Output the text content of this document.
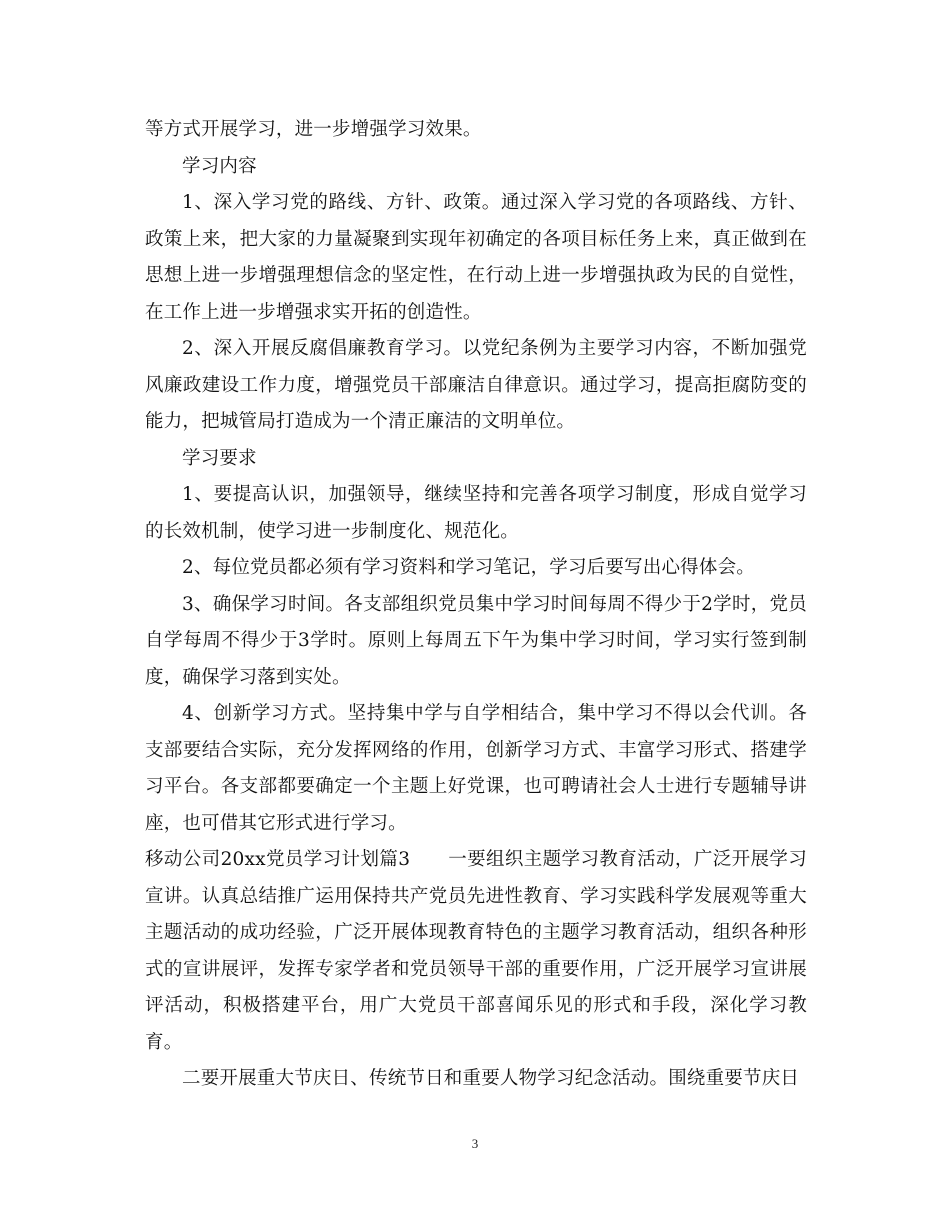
等方式开展学习，进一步增强学习效果。

学习内容

1、深入学习党的路线、方针、政策。通过深入学习党的各项路线、方针、政策上来，把大家的力量凝聚到实现年初确定的各项目标任务上来，真正做到在思想上进一步增强理想信念的坚定性，在行动上进一步增强执政为民的自觉性，在工作上进一步增强求实开拓的创造性。

2、深入开展反腐倡廉教育学习。以党纪条例为主要学习内容，不断加强党风廉政建设工作力度，增强党员干部廉洁自律意识。通过学习，提高拒腐防变的能力，把城管局打造成为一个清正廉洁的文明单位。

学习要求

1、要提高认识，加强领导，继续坚持和完善各项学习制度，形成自觉学习的长效机制，使学习进一步制度化、规范化。

2、每位党员都必须有学习资料和学习笔记，学习后要写出心得体会。

3、确保学习时间。各支部组织党员集中学习时间每周不得少于2学时，党员自学每周不得少于3学时。原则上每周五下午为集中学习时间，学习实行签到制度，确保学习落到实处。

4、创新学习方式。坚持集中学与自学相结合，集中学习不得以会代训。各支部要结合实际，充分发挥网络的作用，创新学习方式、丰富学习形式、搭建学习平台。各支部都要确定一个主题上好党课，也可聘请社会人士进行专题辅导讲座，也可借其它形式进行学习。

移动公司20xx党员学习计划篇3　　一要组织主题学习教育活动，广泛开展学习宣讲。认真总结推广运用保持共产党员先进性教育、学习实践科学发展观等重大主题活动的成功经验，广泛开展体现教育特色的主题学习教育活动，组织各种形式的宣讲展评，发挥专家学者和党员领导干部的重要作用，广泛开展学习宣讲展评活动，积极搭建平台，用广大党员干部喜闻乐见的形式和手段，深化学习教育。

二要开展重大节庆日、传统节日和重要人物学习纪念活动。围绕重要节庆日

3
